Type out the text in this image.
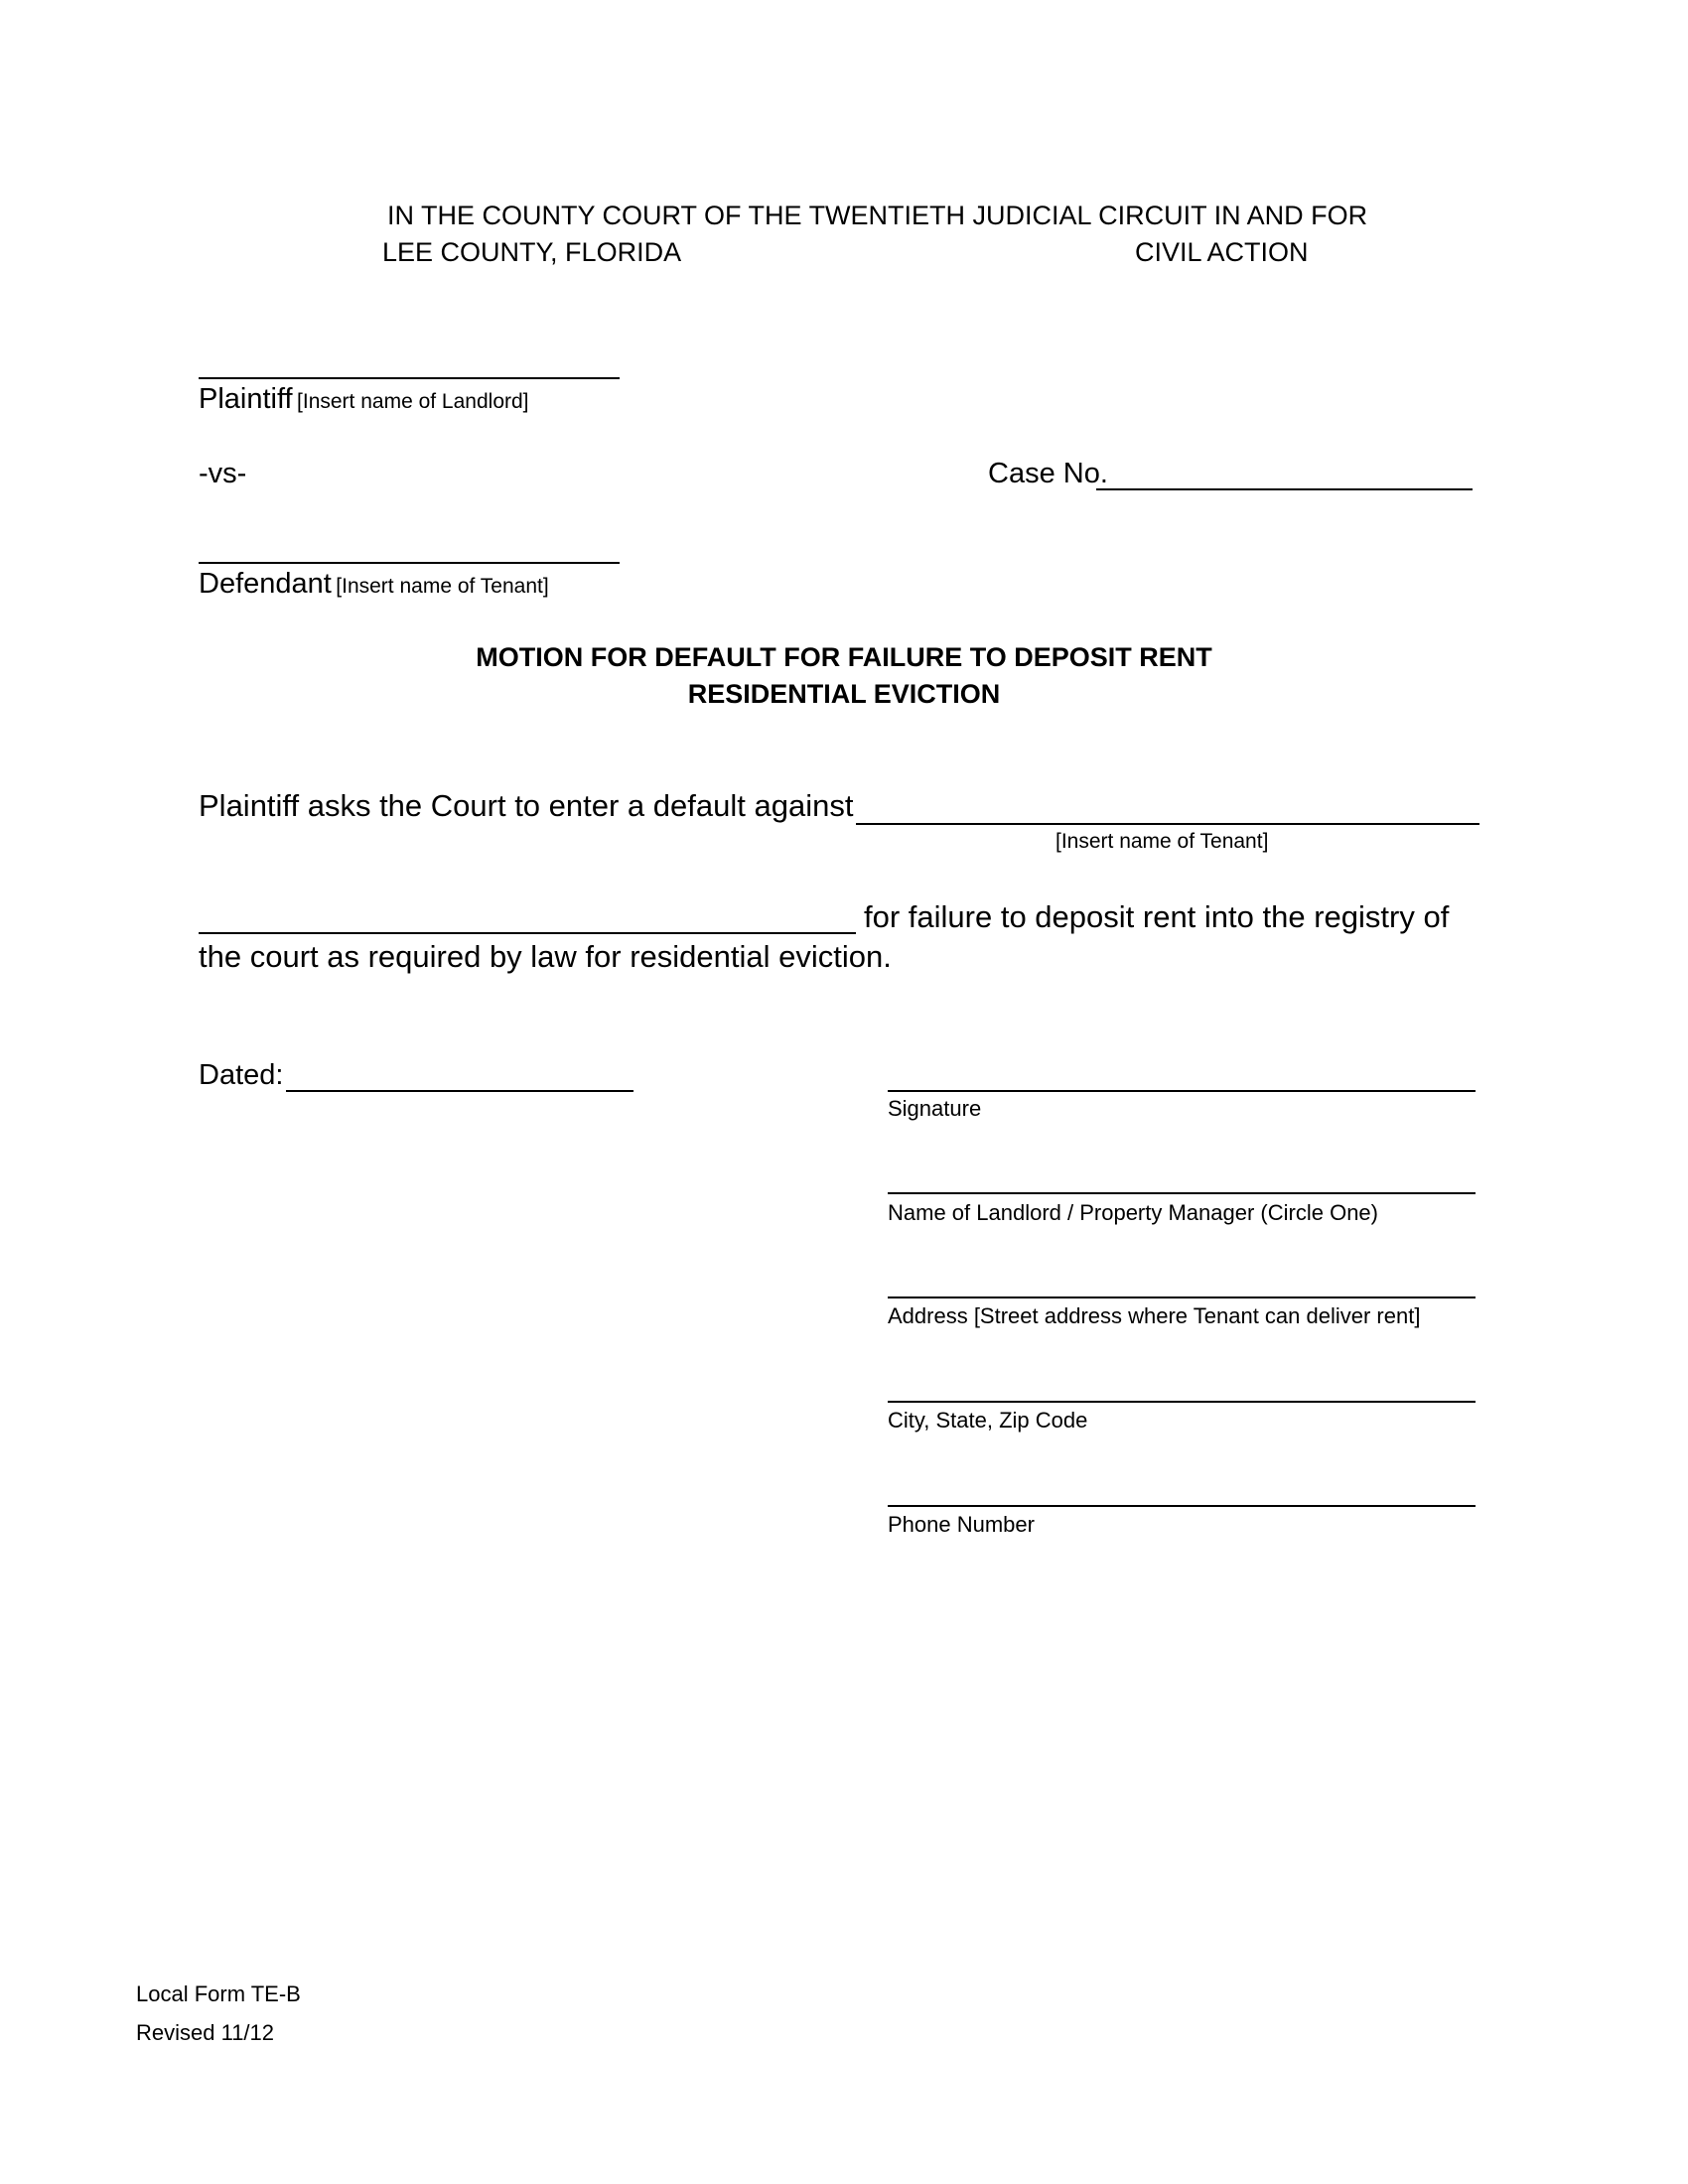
IN THE COUNTY COURT OF THE TWENTIETH JUDICIAL CIRCUIT IN AND FOR
LEE COUNTY, FLORIDA	CIVIL ACTION
Plaintiff [Insert name of Landlord]
-vs-	Case No.
Defendant [Insert name of Tenant]
MOTION FOR DEFAULT FOR FAILURE TO DEPOSIT RENT
RESIDENTIAL EVICTION
Plaintiff asks the Court to enter a default against
[Insert name of Tenant]
for failure to deposit rent into the registry of
the court as required by law for residential eviction.
Dated:
Signature
Name of Landlord / Property Manager (Circle One)
Address [Street address where Tenant can deliver rent]
City, State, Zip Code
Phone Number
Local Form TE-B
Revised 11/12
